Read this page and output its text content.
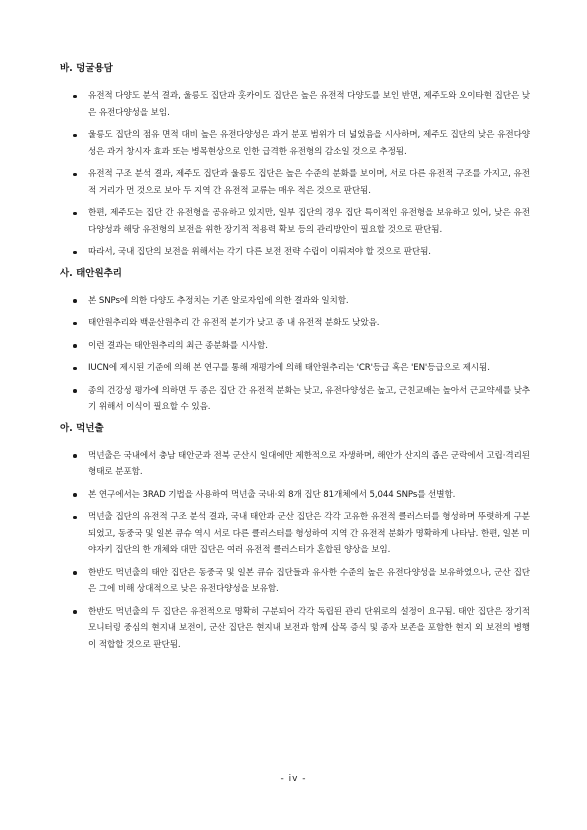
바. 덩굴용담
유전적 다양도 분석 결과, 울릉도 집단과 홋카이도 집단은 높은 유전적 다양도를 보인 반면, 제주도와 오이타현 집단은 낮은 유전다양성을 보임.
울릉도 집단의 점유 면적 대비 높은 유전다양성은 과거 분포 범위가 더 넓었음을 시사하며, 제주도 집단의 낮은 유전다양성은 과거 창시자 효과 또는 병목현상으로 인한 급격한 유전형의 감소일 것으로 추정됨.
유전적 구조 분석 결과, 제주도 집단과 울릉도 집단은 높은 수준의 분화를 보이며, 서로 다른 유전적 구조를 가지고, 유전적 거리가 먼 것으로 보아 두 지역 간 유전적 교류는 매우 적은 것으로 판단됨.
한편, 제주도는 집단 간 유전형을 공유하고 있지만, 일부 집단의 경우 집단 특이적인 유전형을 보유하고 있어, 낮은 유전다양성과 해당 유전형의 보전을 위한 장기적 적용력 확보 등의 관리방안이 필요할 것으로 판단됨.
따라서, 국내 집단의 보전을 위해서는 각기 다른 보전 전략 수립이 이뤄져야 할 것으로 판단됨.
사. 태안원추리
본 SNPs에 의한 다양도 추정치는 기존 알로자임에 의한 결과와 일치함.
태안원추리와 백운산원추리 간 유전적 분기가 낮고 종 내 유전적 분화도 낮았음.
이런 결과는 태안원추리의 최근 종분화를 시사함.
IUCN에 제시된 기준에 의해 본 연구를 통해 재평가에 의해 태안원추리는 'CR'등급 혹은 'EN'등급으로 제시됨.
종의 건강성 평가에 의하면 두 종은 집단 간 유전적 분화는 낮고, 유전다양성은 높고, 근친교배는 높아서 근교약세를 낮추기 위해서 이식이 필요할 수 있음.
아. 먹넌출
먹넌출은 국내에서 충남 태안군과 전북 군산시 일대에만 제한적으로 자생하며, 해안가 산지의 좁은 군락에서 고립·격리된 형태로 분포함.
본 연구에서는 3RAD 기법을 사용하여 먹넌출 국내·외 8개 집단 81개체에서 5,044 SNPs를 선별함.
먹넌출 집단의 유전적 구조 분석 결과, 국내 태안과 군산 집단은 각각 고유한 유전적 클러스터를 형성하며 뚜렷하게 구분되었고, 동중국 및 일본 큐슈 역시 서로 다른 클러스터를 형성하여 지역 간 유전적 분화가 명확하게 나타남. 한편, 일본 미야자키 집단의 한 개체와 대만 집단은 여러 유전적 클러스터가 혼합된 양상을 보임.
한반도 먹넌출의 태안 집단은 동중국 및 일본 큐슈 집단들과 유사한 수준의 높은 유전다양성을 보유하였으나, 군산 집단은 그에 비해 상대적으로 낮은 유전다양성을 보유함.
한반도 먹넌출의 두 집단은 유전적으로 명확히 구분되어 각각 독립된 관리 단위로의 설정이 요구됨. 태안 집단은 장기적 모니터링 중심의 현지내 보전이, 군산 집단은 현지내 보전과 함께 삽목 증식 및 종자 보존을 포함한 현지 외 보전의 병행이 적합할 것으로 판단됨.
- iv -
